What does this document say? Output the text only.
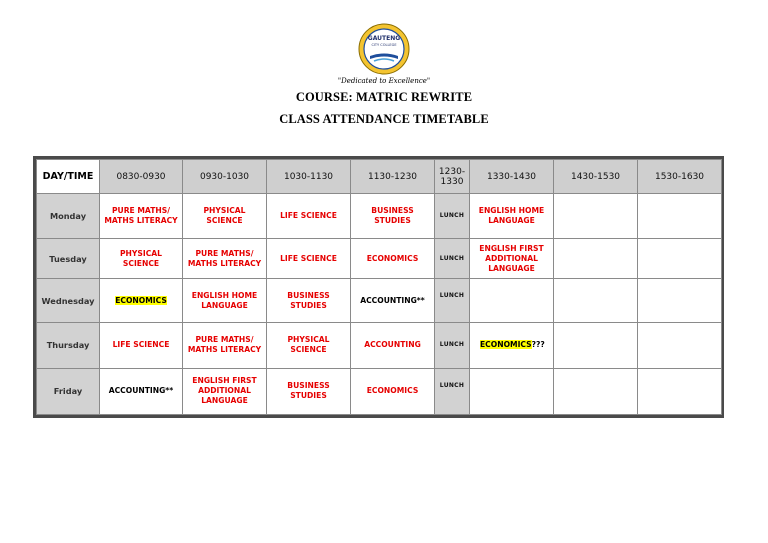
GAUTENG
CITY COLLEGE
"Dedicated to Excellence"
COURSE: MATRIC REWRITE
CLASS ATTENDANCE TIMETABLE
DAY/TIME	0830-0930	0930-1030	1030-1130	1130-1230	1230-1330	1330-1430	1430-1530	1530-1630
Monday	PURE MATHS/
MATHS LITERACY	PHYSICAL SCIENCE	LIFE SCIENCE	BUSINESS STUDIES	LUNCH	ENGLISH HOME
LANGUAGE		

Tuesday	PHYSICAL SCIENCE	PURE MATHS/
MATHS LITERACY	LIFE SCIENCE	ECONOMICS	LUNCH	ENGLISH FIRST
ADDITIONAL
LANGUAGE		

Wednesday	ECONOMICS	ENGLISH HOME
LANGUAGE	BUSINESS STUDIES	ACCOUNTING**	LUNCH			
Thursday	LIFE SCIENCE	PURE MATHS/
MATHS LITERACY	PHYSICAL SCIENCE	ACCOUNTING	LUNCH	ECONOMICS???		
Friday	ACCOUNTING**	ENGLISH FIRST
ADDITIONAL
LANGUAGE	BUSINESS STUDIES	ECONOMICS	LUNCH			
